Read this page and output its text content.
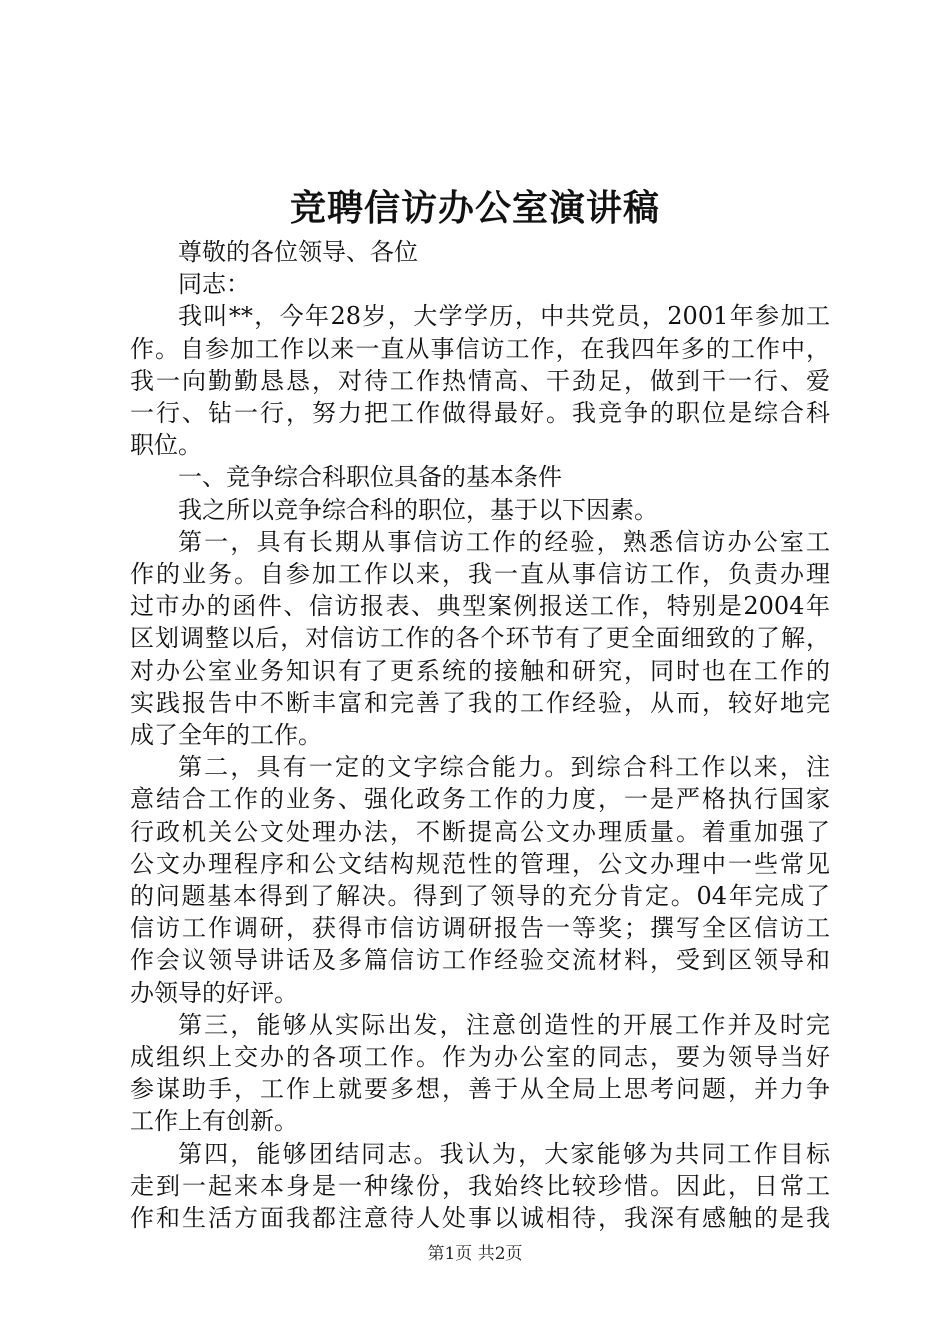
竞聘信访办公室演讲稿
尊敬的各位领导、各位
同志：
我叫**，今年28岁，大学学历，中共党员，2001年参加工
作。自参加工作以来一直从事信访工作，在我四年多的工作中，
我一向勤勤恳恳，对待工作热情高、干劲足，做到干一行、爱
一行、钻一行，努力把工作做得最好。我竞争的职位是综合科
职位。
一、竞争综合科职位具备的基本条件
我之所以竞争综合科的职位，基于以下因素。
第一，具有长期从事信访工作的经验，熟悉信访办公室工
作的业务。自参加工作以来，我一直从事信访工作，负责办理
过市办的函件、信访报表、典型案例报送工作，特别是2004年
区划调整以后，对信访工作的各个环节有了更全面细致的了解，
对办公室业务知识有了更系统的接触和研究，同时也在工作的
实践报告中不断丰富和完善了我的工作经验，从而，较好地完
成了全年的工作。
第二，具有一定的文字综合能力。到综合科工作以来，注
意结合工作的业务、强化政务工作的力度，一是严格执行国家
行政机关公文处理办法，不断提高公文办理质量。着重加强了
公文办理程序和公文结构规范性的管理，公文办理中一些常见
的问题基本得到了解决。得到了领导的充分肯定。04年完成了
信访工作调研，获得市信访调研报告一等奖；撰写全区信访工
作会议领导讲话及多篇信访工作经验交流材料，受到区领导和
办领导的好评。
第三，能够从实际出发，注意创造性的开展工作并及时完
成组织上交办的各项工作。作为办公室的同志，要为领导当好
参谋助手，工作上就要多想，善于从全局上思考问题，并力争
工作上有创新。
第四，能够团结同志。我认为，大家能够为共同工作目标
走到一起来本身是一种缘份，我始终比较珍惜。因此，日常工
作和生活方面我都注意待人处事以诚相待，我深有感触的是我
第1页 共2页
